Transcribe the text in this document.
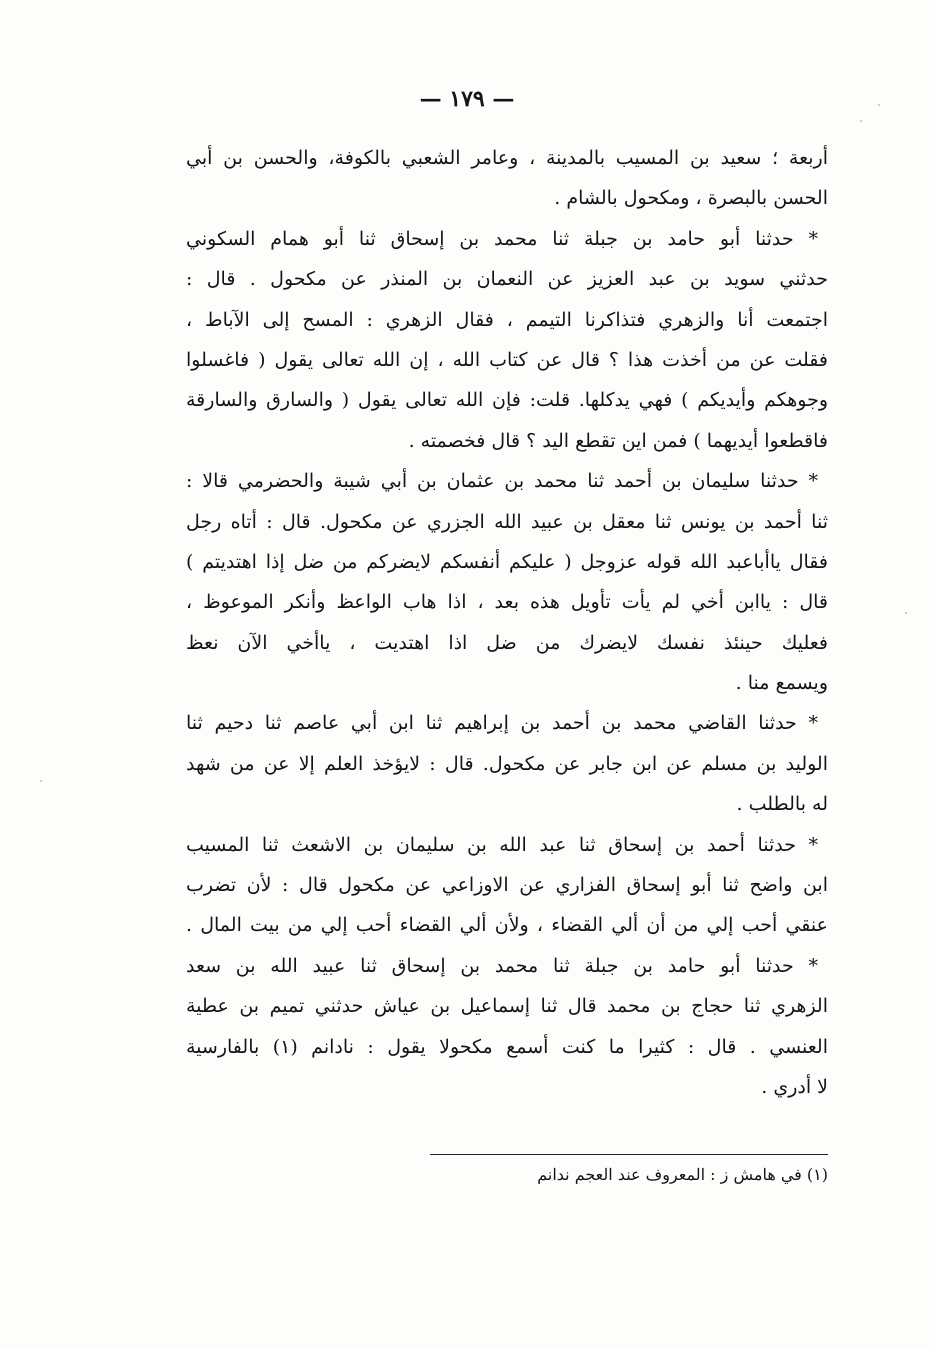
— ١٧٩ —
أربعة ؛ سعيد بن المسيب بالمدينة ، وعامر الشعبي بالكوفة، والحسن بن أبي
الحسن بالبصرة ، ومكحول بالشام .
* حدثنا أبو حامد بن جبلة ثنا محمد بن إسحاق ثنا أبو همام السكوني
حدثني سويد بن عبد العزيز عن النعمان بن المنذر عن مكحول . قال :
اجتمعت أنا والزهري فتذاكرنا التيمم ، فقال الزهري : المسح إلى الآباط ،
فقلت عن من أخذت هذا ؟ قال عن كتاب الله ، إن الله تعالى يقول ( فاغسلوا
وجوهكم وأيديكم ) فهي يدكلها. قلت: فإن الله تعالى يقول ( والسارق والسارقة
فاقطعوا أيديهما ) فمن اين تقطع اليد ؟ قال فخصمته .
* حدثنا سليمان بن أحمد ثنا محمد بن عثمان بن أبي شيبة والحضرمي قالا :
ثنا أحمد بن يونس ثنا معقل بن عبيد الله الجزري عن مكحول. قال : أتاه رجل
فقال ياأباعبد الله قوله عزوجل ( عليكم أنفسكم لايضركم من ضل إذا اهتديتم )
قال : ياابن أخي لم يأت تأويل هذه بعد ، اذا هاب الواعظ وأنكر الموعوظ ،
فعليك حينئذ نفسك لايضرك من ضل اذا اهتديت ، ياأخي الآن نعظ
ويسمع منا .
* حدثنا القاضي محمد بن أحمد بن إبراهيم ثنا ابن أبي عاصم ثنا دحيم ثنا
الوليد بن مسلم عن ابن جابر عن مكحول. قال : لايؤخذ العلم إلا عن من شهد
له بالطلب .
* حدثنا أحمد بن إسحاق ثنا عبد الله بن سليمان بن الاشعث ثنا المسيب
ابن واضح ثنا أبو إسحاق الفزاري عن الاوزاعي عن مكحول قال : لأن تضرب
عنقي أحب إلي من أن ألي القضاء ، ولأن ألي القضاء أحب إلي من بيت المال .
* حدثنا أبو حامد بن جبلة ثنا محمد بن إسحاق ثنا عبيد الله بن سعد
الزهري ثنا حجاج بن محمد قال ثنا إسماعيل بن عياش حدثني تميم بن عطية
العنسي . قال : كثيرا ما كنت أسمع مكحولا يقول : نادانم (١) بالفارسية
لا أدري .
(١) في هامش ز : المعروف عند العجم ندانم
